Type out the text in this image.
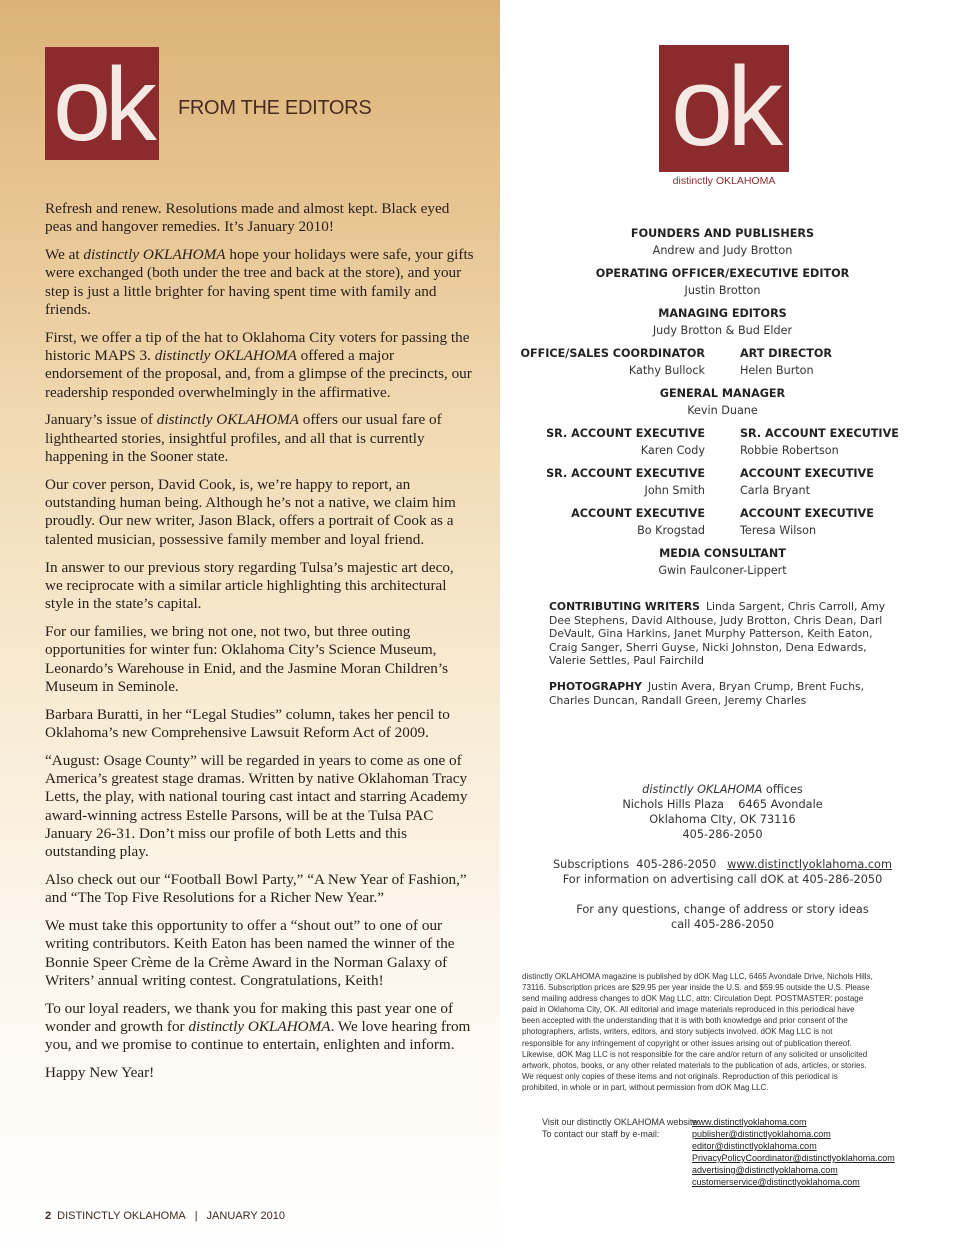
ok	FROM THE EDITORS

Refresh and renew. Resolutions made and almost kept. Black eyed peas and hangover remedies. It’s January 2010!

We at distinctly OKLAHOMA hope your holidays were safe, your gifts were exchanged (both under the tree and back at the store), and your step is just a little brighter for having spent time with family and friends.

First, we offer a tip of the hat to Oklahoma City voters for passing the historic MAPS 3. distinctly OKLAHOMA offered a major endorsement of the proposal, and, from a glimpse of the precincts, our readership responded overwhelmingly in the affirmative.

January’s issue of distinctly OKLAHOMA offers our usual fare of lighthearted stories, insightful profiles, and all that is currently happening in the Sooner state.

Our cover person, David Cook, is, we’re happy to report, an outstanding human being. Although he’s not a native, we claim him proudly. Our new writer, Jason Black, offers a portrait of Cook as a talented musician, possessive family member and loyal friend.

In answer to our previous story regarding Tulsa’s majestic art deco, we reciprocate with a similar article highlighting this architectural style in the state’s capital.

For our families, we bring not one, not two, but three outing opportunities for winter fun: Oklahoma City’s Science Museum, Leonardo’s Warehouse in Enid, and the Jasmine Moran Children’s Museum in Seminole.

Barbara Buratti, in her “Legal Studies” column, takes her pencil to Oklahoma’s new Comprehensive Lawsuit Reform Act of 2009.

“August: Osage County” will be regarded in years to come as one of America’s greatest stage dramas. Written by native Oklahoman Tracy Letts, the play, with national touring cast intact and starring Academy award-winning actress Estelle Parsons, will be at the Tulsa PAC January 26-31. Don’t miss our profile of both Letts and this outstanding play.

Also check out our “Football Bowl Party,” “A New Year of Fashion,” and “The Top Five Resolutions for a Richer New Year.”

We must take this opportunity to offer a “shout out” to one of our writing contributors. Keith Eaton has been named the winner of the Bonnie Speer Crème de la Crème Award in the Norman Galaxy of Writers’ annual writing contest. Congratulations, Keith!

To our loyal readers, we thank you for making this past year one of wonder and growth for distinctly OKLAHOMA. We love hearing from you, and we promise to continue to entertain, enlighten and inform.

Happy New Year!

2 DISTINCTLY OKLAHOMA | JANUARY 2010
ok
distinctly OKLAHOMA
FOUNDERS AND PUBLISHERS
Andrew and Judy Brotton
OPERATING OFFICER/EXECUTIVE EDITOR
Justin Brotton
MANAGING EDITORS
Judy Brotton & Bud Elder
OFFICE/SALES COORDINATOR
Kathy Bullock
ART DIRECTOR
Helen Burton
GENERAL MANAGER
Kevin Duane
SR. ACCOUNT EXECUTIVE
Karen Cody
SR. ACCOUNT EXECUTIVE
Robbie Robertson
SR. ACCOUNT EXECUTIVE
John Smith
ACCOUNT EXECUTIVE
Carla Bryant
ACCOUNT EXECUTIVE
Bo Krogstad
ACCOUNT EXECUTIVE
Teresa Wilson
MEDIA CONSULTANT
Gwin Faulconer-Lippert
CONTRIBUTING WRITERS Linda Sargent, Chris Carroll, Amy Dee Stephens, David Althouse, Judy Brotton, Chris Dean, Darl DeVault, Gina Harkins, Janet Murphy Patterson, Keith Eaton, Craig Sanger, Sherri Guyse, Nicki Johnston, Dena Edwards, Valerie Settles, Paul Fairchild
PHOTOGRAPHY Justin Avera, Bryan Crump, Brent Fuchs, Charles Duncan, Randall Green, Jeremy Charles
distinctly OKLAHOMA offices
Nichols Hills Plaza    6465 Avondale
Oklahoma CIty, OK 73116
405-286-2050
Subscriptions  405-286-2050   www.distinctlyoklahoma.com
For information on advertising call dOK at 405-286-2050
For any questions, change of address or story ideas
call 405-286-2050
distinctly OKLAHOMA magazine is published by dOK Mag LLC, 6465 Avondale Drive, Nichols Hills, 73116. Subscription prices are $29.95 per year inside the U.S. and $59.95 outside the U.S. Please send mailing address changes to dOK Mag LLC, attn: Circulation Dept. POSTMASTER: postage paid in Oklahoma City, OK. All editorial and image materials reproduced in this periodical have been accepted with the understanding that it is with both knowledge and prior consent of the photographers, artists, writers, editors, and story subjects involved. dOK Mag LLC is not responsible for any infringement of copyright or other issues arising out of publication thereof. Likewise, dOK Mag LLC is not responsible for the care and/or return of any solicited or unsolicited artwork, photos, books, or any other related materials to the publication of ads, articles, or stories. We request only copies of these items and not originals. Reproduction of this periodical is prohibited, in whole or in part, without permission from dOK Mag LLC.
Visit our distinctly OKLAHOMA website:
To contact our staff by e-mail:
www.distinctlyoklahoma.com
publisher@distinctlyoklahoma.com
editor@distinctlyoklahoma.com
PrivacyPolicyCoordinator@distinctlyoklahoma.com
advertising@distinctlyoklahoma.com
customerservice@distinctlyoklahoma.com
